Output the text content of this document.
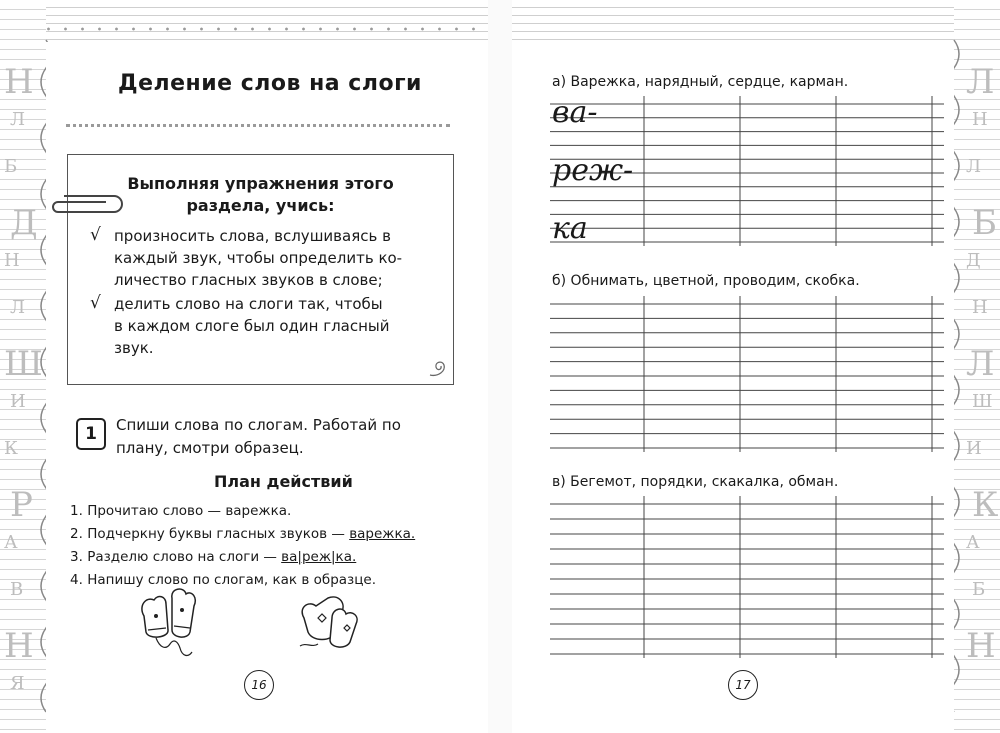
Н
Л
Б
Д
Н
Л
Ш
И
К
Р
А
В
Н
Я
Деление слов на слоги
Выполняя упражнения этого
раздела, учись:
√ произносить слова, вслушиваясь в
каждый звук, чтобы определить ко-
личество гласных звуков в слове;
√ делить слово на слоги так, чтобы
в каждом слоге был один гласный
звук.
1	Спиши слова по слогам. Работай по
плану, смотри образец.
План действий
1. Прочитаю слово — варежка.
2. Подчеркну буквы гласных звуков — варежка.
3. Разделю слово на слоги — ва|реж|ка.
4. Напишу слово по слогам, как в образце.
16
Л
Н
Л
Б
Д
Н
Л
Ш
И
К
А
Б
Н
а) Варежка, нарядный, сердце, карман.
ва-
реж-
ка
б) Обнимать, цветной, проводим, скобка.
в) Бегемот, порядки, скакалка, обман.
17
